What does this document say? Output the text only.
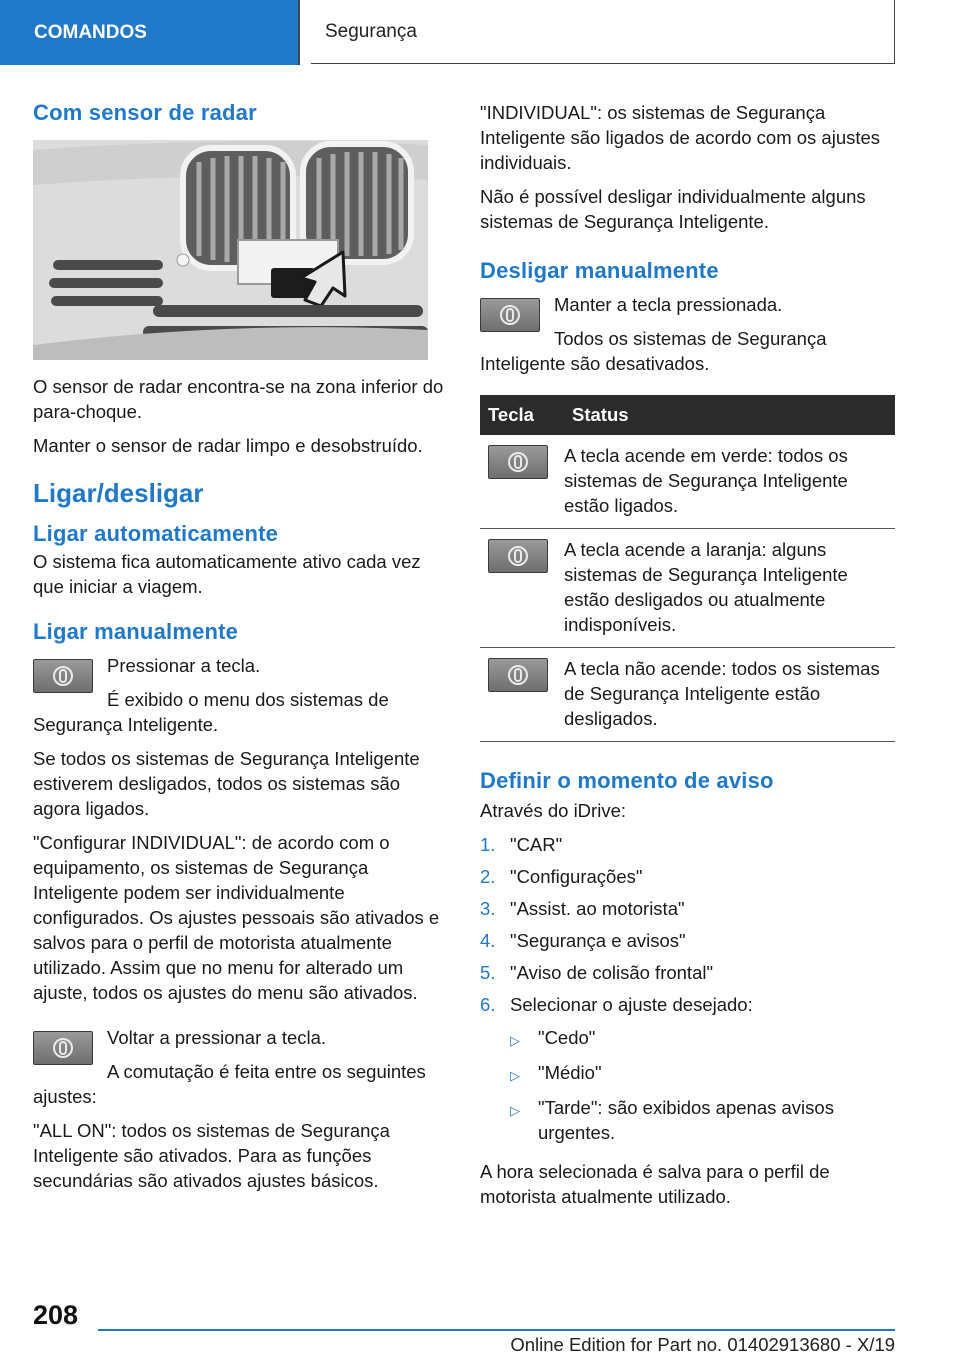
COMANDOS	Segurança
Com sensor de radar

O sensor de radar encontra-se na zona inferior do para-choque.

Manter o sensor de radar limpo e desobstruído.

Ligar/desligar
Ligar automaticamente

O sistema fica automaticamente ativo cada vez que iniciar a viagem.

Ligar manualmente

Pressionar a tecla.

É exibido o menu dos sistemas de Segurança Inteligente.

Se todos os sistemas de Segurança Inteligente estiverem desligados, todos os sistemas são agora ligados.

"Configurar INDIVIDUAL": de acordo com o equipamento, os sistemas de Segurança Inteligente podem ser individualmente configurados. Os ajustes pessoais são ativados e salvos para o perfil de motorista atualmente utilizado. Assim que no menu for alterado um ajuste, todos os ajustes do menu são ativados.

Voltar a pressionar a tecla.

A comutação é feita entre os seguintes ajustes:

"ALL ON": todos os sistemas de Segurança Inteligente são ativados. Para as funções secundárias são ativados ajustes básicos.

"INDIVIDUAL": os sistemas de Segurança Inteligente são ligados de acordo com os ajustes individuais.

Não é possível desligar individualmente alguns sistemas de Segurança Inteligente.

Desligar manualmente

Manter a tecla pressionada.

Todos os sistemas de Segurança Inteligente são desativados.

Tecla	Status

	A tecla acende em verde: todos os sistemas de Segurança Inteligente estão ligados.

	A tecla acende a laranja: alguns sistemas de Segurança Inteligente estão desligados ou atualmente indisponíveis.

	A tecla não acende: todos os sistemas de Segurança Inteligente estão desligados.
Definir o momento de aviso

Através do iDrive:

1. "CAR"
2. "Configurações"
3. "Assist. ao motorista"
4. "Segurança e avisos"
5. "Aviso de colisão frontal"
6. Selecionar o ajuste desejado:
▷ "Cedo"
▷ "Médio"
▷ "Tarde": são exibidos apenas avisos urgentes.

A hora selecionada é salva para o perfil de motorista atualmente utilizado.

208
Online Edition for Part no. 01402913680 - X/19
